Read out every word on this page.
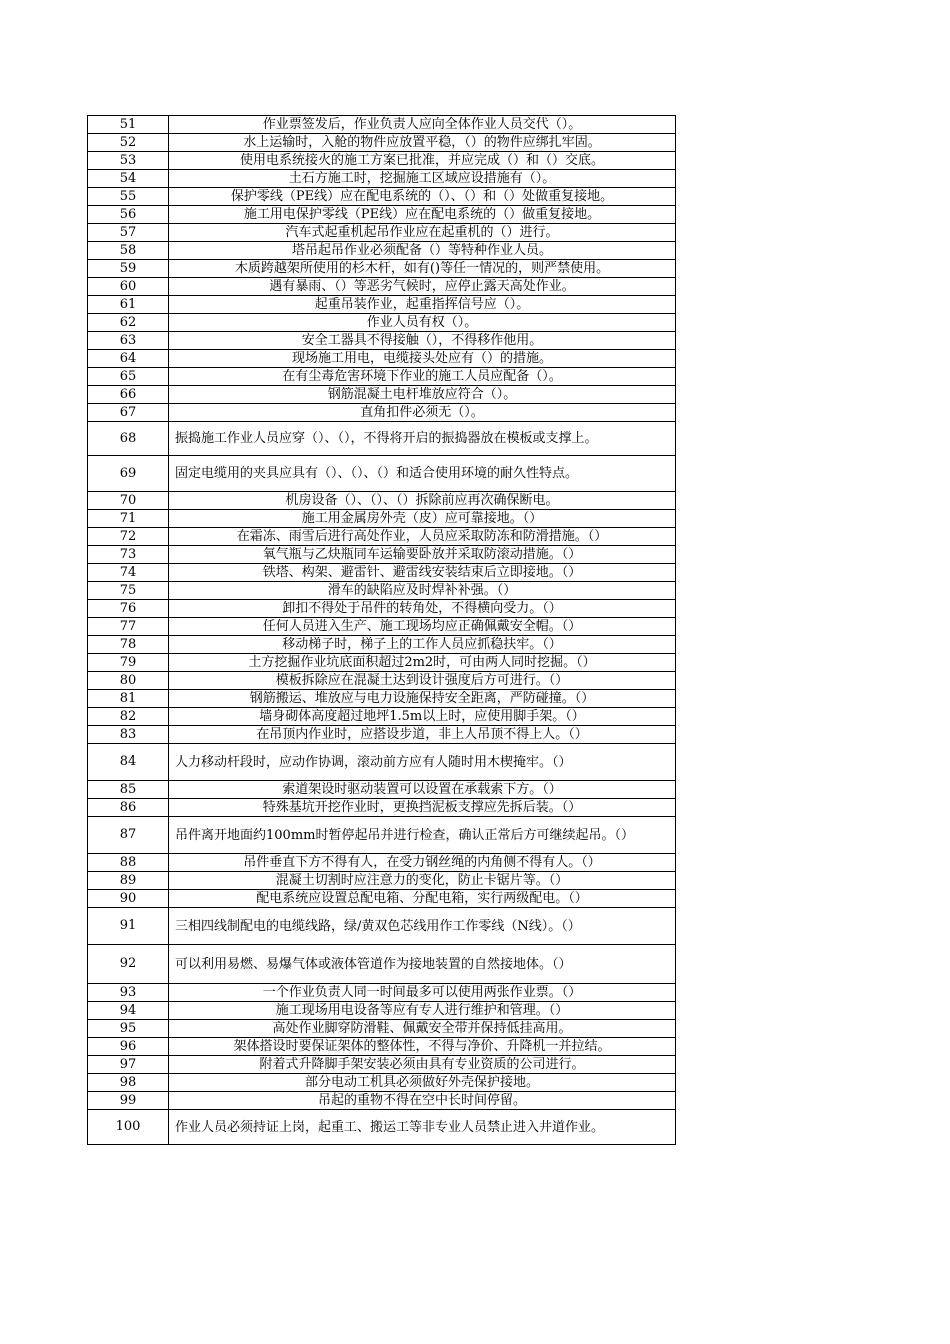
51	作业票签发后，作业负责人应向全体作业人员交代（）。
52	水上运输时，入舱的物件应放置平稳，（）的物件应绑扎牢固。
53	使用电系统接火的施工方案已批准，并应完成（）和（）交底。
54	土石方施工时，挖掘施工区域应设措施有（）。
55	保护零线（PE线）应在配电系统的（）、（）和（）处做重复接地。
56	施工用电保护零线（PE线）应在配电系统的（）做重复接地。
57	汽车式起重机起吊作业应在起重机的（）进行。
58	塔吊起吊作业必须配备（）等特种作业人员。
59	木质跨越架所使用的杉木杆，如有()等任一情况的，则严禁使用。
60	遇有暴雨、（）等恶劣气候时，应停止露天高处作业。
61	起重吊装作业，起重指挥信号应（）。
62	作业人员有权（）。
63	安全工器具不得接触（），不得移作他用。
64	现场施工用电，电缆接头处应有（）的措施。
65	在有尘毒危害环境下作业的施工人员应配备（）。
66	钢筋混凝土电杆堆放应符合（）。
67	直角扣件必须无（）。
68	振捣施工作业人员应穿（）、（），不得将开启的振捣器放在模板或支撑上。
69	固定电缆用的夹具应具有（）、（）、（）和适合使用环境的耐久性特点。
70	机房设备（）、（）、（）拆除前应再次确保断电。
71	施工用金属房外壳（皮）应可靠接地。（）
72	在霜冻、雨雪后进行高处作业，人员应采取防冻和防滑措施。（）
73	氧气瓶与乙炔瓶同车运输要卧放并采取防滚动措施。（）
74	铁塔、构架、避雷针、避雷线安装结束后立即接地。（）
75	滑车的缺陷应及时焊补补强。（）
76	卸扣不得处于吊件的转角处，不得横向受力。（）
77	任何人员进入生产、施工现场均应正确佩戴安全帽。（）
78	移动梯子时，梯子上的工作人员应抓稳扶牢。（）
79	土方挖掘作业坑底面积超过2m2时，可由两人同时挖掘。（）
80	模板拆除应在混凝土达到设计强度后方可进行。（）
81	钢筋搬运、堆放应与电力设施保持安全距离，严防碰撞。（）
82	墙身砌体高度超过地坪1.5m以上时，应使用脚手架。（）
83	在吊顶内作业时，应搭设步道，非上人吊顶不得上人。（）
84	人力移动杆段时，应动作协调，滚动前方应有人随时用木楔掩牢。（）
85	索道架设时驱动装置可以设置在承载索下方。（）
86	特殊基坑开挖作业时，更换挡泥板支撑应先拆后装。（）
87	吊件离开地面约100mm时暂停起吊并进行检查，确认正常后方可继续起吊。（）
88	吊件垂直下方不得有人，在受力钢丝绳的内角侧不得有人。（）
89	混凝土切割时应注意力的变化，防止卡锯片等。（）
90	配电系统应设置总配电箱、分配电箱，实行两级配电。（）
91	三相四线制配电的电缆线路，绿/黄双色芯线用作工作零线（N线）。（）
92	可以利用易燃、易爆气体或液体管道作为接地装置的自然接地体。（）
93	一个作业负责人同一时间最多可以使用两张作业票。（）
94	施工现场用电设备等应有专人进行维护和管理。（）
95	高处作业脚穿防滑鞋、佩戴安全带并保持低挂高用。
96	架体搭设时要保证架体的整体性，不得与净价、升降机一并拉结。
97	附着式升降脚手架安装必须由具有专业资质的公司进行。
98	部分电动工机具必须做好外壳保护接地。
99	吊起的重物不得在空中长时间停留。
100	作业人员必须持证上岗，起重工、搬运工等非专业人员禁止进入井道作业。
